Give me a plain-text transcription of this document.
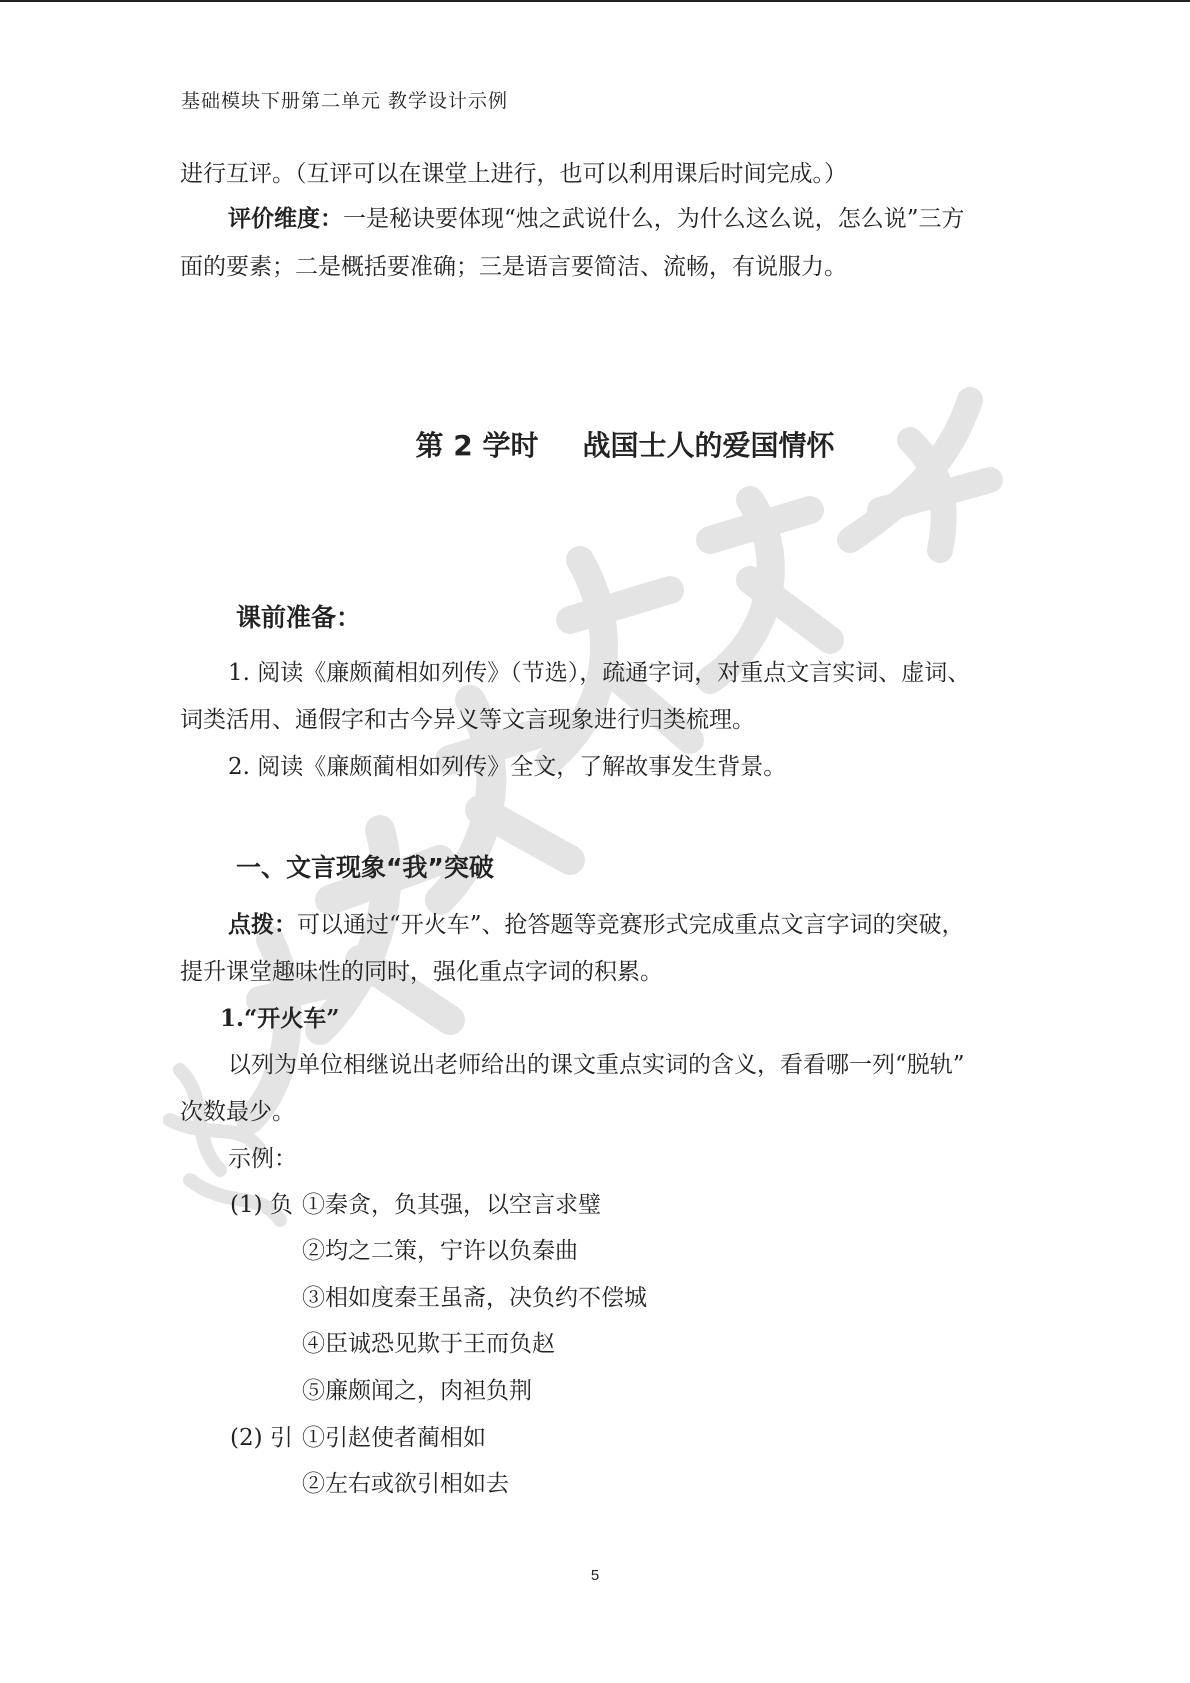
基础模块下册第二单元 教学设计示例
进行互评。（互评可以在课堂上进行，也可以利用课后时间完成。）
评价维度：一是秘诀要体现“烛之武说什么，为什么这么说，怎么说”三方
面的要素；二是概括要准确；三是语言要简洁、流畅，有说服力。
第 2 学时 战国士人的爱国情怀
课前准备：
1. 阅读《廉颇蔺相如列传》（节选），疏通字词，对重点文言实词、虚词、
词类活用、通假字和古今异义等文言现象进行归类梳理。
2. 阅读《廉颇蔺相如列传》全文，了解故事发生背景。
一、文言现象“我”突破
点拨：可以通过“开火车”、抢答题等竞赛形式完成重点文言字词的突破，
提升课堂趣味性的同时，强化重点字词的积累。
1.“开火车”
以列为单位相继说出老师给出的课文重点实词的含义，看看哪一列“脱轨”
次数最少。
示例：
(1) 负 ①秦贪，负其强，以空言求璧
②均之二策，宁许以负秦曲
③相如度秦王虽斋，决负约不偿城
④臣诚恐见欺于王而负赵
⑤廉颇闻之，肉袒负荆
(2) 引 ①引赵使者蔺相如
②左右或欲引相如去
5
